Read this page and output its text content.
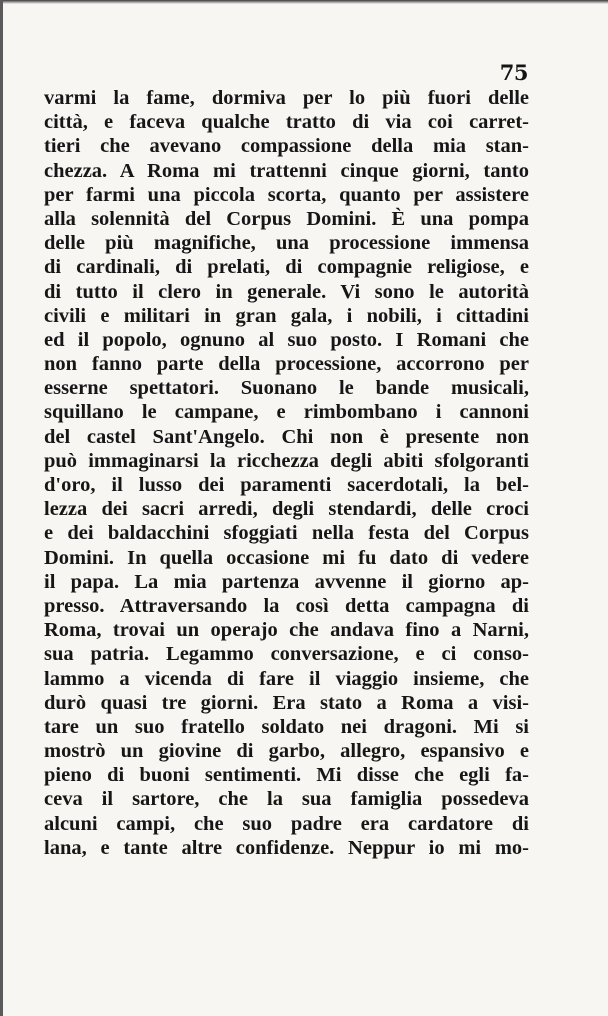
75
varmi la fame, dormiva per lo più fuori delle
città, e faceva qualche tratto di via coi carret-
tieri che avevano compassione della mia stan-
chezza. A Roma mi trattenni cinque giorni, tanto
per farmi una piccola scorta, quanto per assistere
alla solennità del Corpus Domini. È una pompa
delle più magnifiche, una processione immensa
di cardinali, di prelati, di compagnie religiose, e
di tutto il clero in generale. Vi sono le autorità
civili e militari in gran gala, i nobili, i cittadini
ed il popolo, ognuno al suo posto. I Romani che
non fanno parte della processione, accorrono per
esserne spettatori. Suonano le bande musicali,
squillano le campane, e rimbombano i cannoni
del castel Sant'Angelo. Chi non è presente non
può immaginarsi la ricchezza degli abiti sfolgoranti
d'oro, il lusso dei paramenti sacerdotali, la bel-
lezza dei sacri arredi, degli stendardi, delle croci
e dei baldacchini sfoggiati nella festa del Corpus
Domini. In quella occasione mi fu dato di vedere
il papa. La mia partenza avvenne il giorno ap-
presso. Attraversando la così detta campagna di
Roma, trovai un operajo che andava fino a Narni,
sua patria. Legammo conversazione, e ci conso-
lammo a vicenda di fare il viaggio insieme, che
durò quasi tre giorni. Era stato a Roma a visi-
tare un suo fratello soldato nei dragoni. Mi si
mostrò un giovine di garbo, allegro, espansivo e
pieno di buoni sentimenti. Mi disse che egli fa-
ceva il sartore, che la sua famiglia possedeva
alcuni campi, che suo padre era cardatore di
lana, e tante altre confidenze. Neppur io mi mo-
